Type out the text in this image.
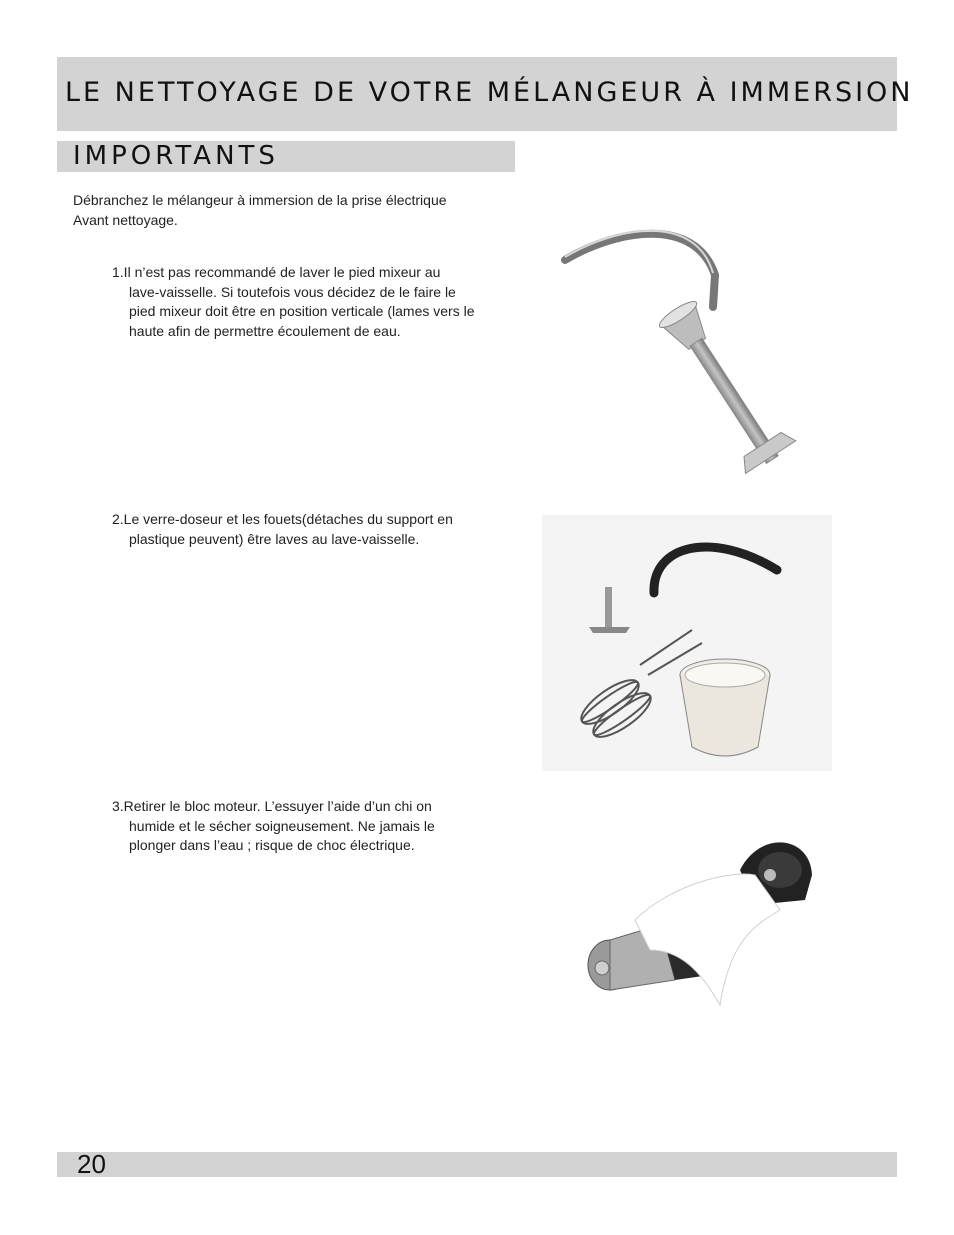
LE NETTOYAGE DE VOTRE MÉLANGEUR À IMMERSION
IMPORTANTS
Débranchez le mélangeur à immersion de la prise électrique
Avant nettoyage.
1.Il n’est pas recommandé de laver le pied mixeur au
lave-vaisselle. Si toutefois vous décidez de le faire le
pied mixeur doit être en position verticale (lames vers le
haute afin de permettre écoulement de eau.
2.Le verre-doseur et les fouets(détaches du support en
plastique peuvent) être laves au lave-vaisselle.
3.Retirer le bloc moteur. L’essuyer l’aide d’un chi on
humide et le sécher soigneusement. Ne jamais le
plonger dans l’eau ; risque de choc électrique.
20
